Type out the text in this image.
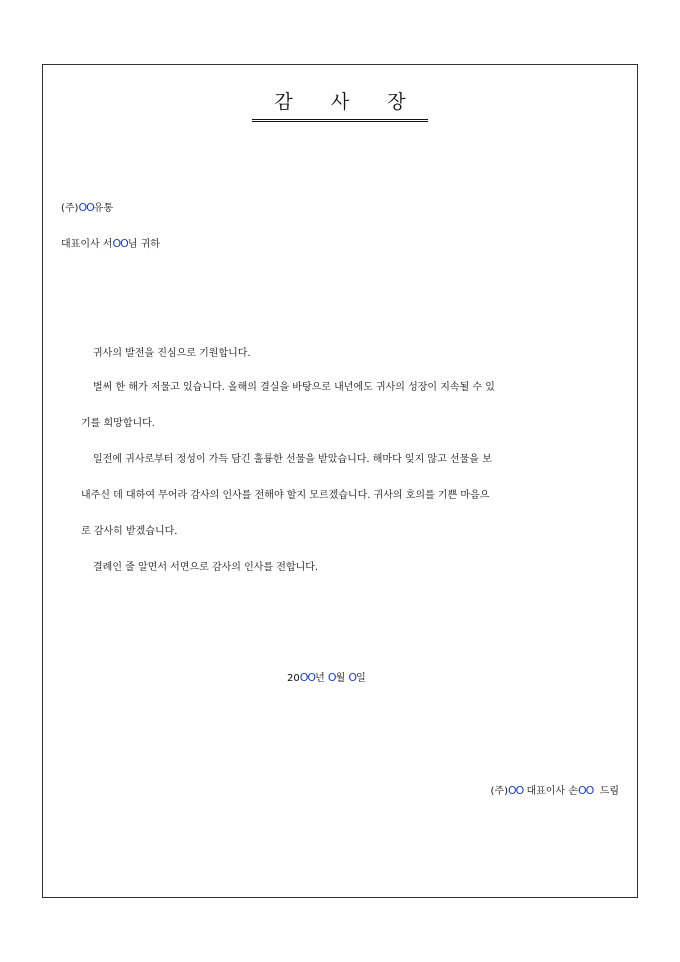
감 사 장
(주)OO유통
대표이사 서OO님 귀하
귀사의 발전을 진심으로 기원합니다.
벌써 한 해가 저물고 있습니다. 올해의 결실을 바탕으로 내년에도 귀사의 성장이 지속될 수 있
기를 희망합니다.
일전에 귀사로부터 정성이 가득 담긴 훌륭한 선물을 받았습니다. 해마다 잊지 않고 선물을 보
내주신 데 대하여 무어라 감사의 인사를 전해야 할지 모르겠습니다. 귀사의 호의를 기쁜 마음으
로 감사히 받겠습니다.
결례인 줄 알면서 서면으로 감사의 인사를 전합니다.
20OO년 O월 O일
(주)OO 대표이사 손OO  드림
